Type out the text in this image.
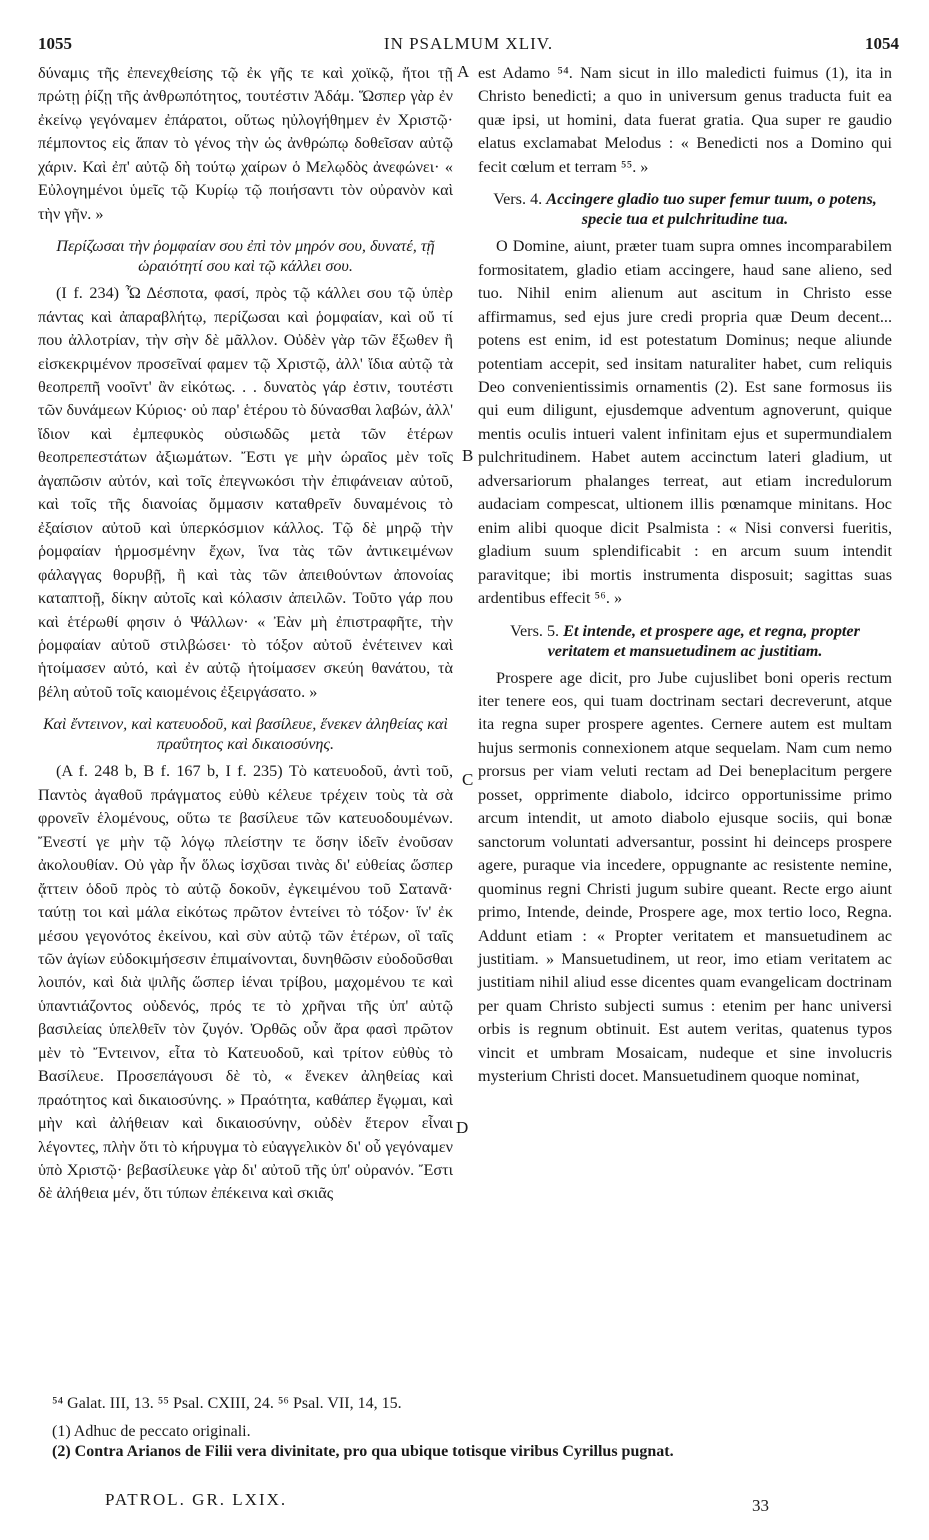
1055	IN PSALMUM XLIV.	1054

δύναμις τῆς ἐπενεχθείσης τῷ ἐκ γῆς τε καὶ χοϊκῷ, ἤτοι τῇ πρώτῃ ῥίζῃ τῆς ἀνθρωπότητος, τουτέστιν Ἀδάμ. Ὥσπερ γὰρ ἐν ἐκείνῳ γεγόναμεν ἐπάρατοι, οὕτως ηὐλογήθημεν ἐν Χριστῷ· πέμποντος εἰς ἅπαν τὸ γένος τὴν ὡς ἀνθρώπῳ δοθεῖσαν αὐτῷ χάριν. Καὶ ἐπ' αὐτῷ δὴ τούτῳ χαίρων ὁ Μελῳδὸς ἀνεφώνει· « Εὐλογημένοι ὑμεῖς τῷ Κυρίῳ τῷ ποιήσαντι τὸν οὐρανὸν καὶ τὴν γῆν. »

Περίζωσαι τὴν ῥομφαίαν σου ἐπὶ τὸν μηρόν σου, δυνατέ, τῇ ὡραιότητί σου καὶ τῷ κάλλει σου.

(I f. 234) Ὦ Δέσποτα, φασί, πρὸς τῷ κάλλει σου τῷ ὑπὲρ πάντας καὶ ἀπαραβλήτῳ, περίζωσαι καὶ ῥομφαίαν, καὶ οὔ τί που ἀλλοτρίαν, τὴν σὴν δὲ μᾶλλον. Οὐδὲν γὰρ τῶν ἔξωθεν ἢ εἰσκεκριμένον προσεῖναί φαμεν τῷ Χριστῷ, ἀλλ' ἴδια αὐτῷ τὰ θεοπρεπῆ νοοῖντ' ἂν εἰκότως. . . δυνατὸς γάρ ἐστιν, τουτέστι τῶν δυνάμεων Κύριος· οὐ παρ' ἑτέρου τὸ δύνασθαι λαβών, ἀλλ' ἴδιον καὶ ἐμπεφυκὸς οὐσιωδῶς μετὰ τῶν ἑτέρων θεοπρεπεστάτων ἀξιωμάτων. Ἔστι γε μὴν ὡραῖος μὲν τοῖς ἀγαπῶσιν αὐτόν, καὶ τοῖς ἐπεγνωκόσι τὴν ἐπιφάνειαν αὐτοῦ, καὶ τοῖς τῆς διανοίας ὄμμασιν καταθρεῖν δυναμένοις τὸ ἐξαίσιον αὐτοῦ καὶ ὑπερκόσμιον κάλλος. Τῷ δὲ μηρῷ τὴν ῥομφαίαν ἡρμοσμένην ἔχων, ἵνα τὰς τῶν ἀντικειμένων φάλαγγας θορυβῇ, ἢ καὶ τὰς τῶν ἀπειθούντων ἀπονοίας καταπτοῇ, δίκην αὐτοῖς καὶ κόλασιν ἀπειλῶν. Τοῦτο γάρ που καὶ ἑτέρωθί φησιν ὁ Ψάλλων· « Ἐὰν μὴ ἐπιστραφῆτε, τὴν ῥομφαίαν αὐτοῦ στιλβώσει· τὸ τόξον αὐτοῦ ἐνέτεινεν καὶ ἡτοίμασεν αὐτό, καὶ ἐν αὐτῷ ἡτοίμασεν σκεύη θανάτου, τὰ βέλη αὐτοῦ τοῖς καιομένοις ἐξειργάσατο. »

Καὶ ἔντεινον, καὶ κατευοδοῦ, καὶ βασίλευε, ἕνεκεν ἀληθείας καὶ πραΰτητος καὶ δικαιοσύνης.

(A f. 248 b, B f. 167 b, I f. 235) Τὸ κατευοδοῦ, ἀντὶ τοῦ, Παντὸς ἀγαθοῦ πράγματος εὐθὺ κέλευε τρέχειν τοὺς τὰ σὰ φρονεῖν ἑλομένους, οὕτω τε βασίλευε τῶν κατευοδουμένων. Ἔνεστί γε μὴν τῷ λόγῳ πλείστην τε ὅσην ἰδεῖν ἐνοῦσαν ἀκολουθίαν. Οὐ γὰρ ἦν ὅλως ἰσχῦσαι τινὰς δι' εὐθείας ὥσπερ ᾄττειν ὁδοῦ πρὸς τὸ αὐτῷ δοκοῦν, ἐγκειμένου τοῦ Σατανᾶ· ταύτῃ τοι καὶ μάλα εἰκότως πρῶτον ἐντείνει τὸ τόξον· ἵν' ἐκ μέσου γεγονότος ἐκείνου, καὶ σὺν αὐτῷ τῶν ἑτέρων, οἳ ταῖς τῶν ἁγίων εὐδοκιμήσεσιν ἐπιμαίνονται, δυνηθῶσιν εὐοδοῦσθαι λοιπόν, καὶ διὰ ψιλῆς ὥσπερ ἰέναι τρίβου, μαχομένου τε καὶ ὑπαντιάζοντος οὐδενός, πρός τε τὸ χρῆναι τῆς ὑπ' αὐτῷ βασιλείας ὑπελθεῖν τὸν ζυγόν. Ὀρθῶς οὖν ἄρα φασὶ πρῶτον μὲν τὸ Ἔντεινον, εἶτα τὸ Κατευοδοῦ, καὶ τρίτον εὐθὺς τὸ Βασίλευε. Προσεπάγουσι δὲ τὸ, « ἕνεκεν ἀληθείας καὶ πραότητος καὶ δικαιοσύνης. » Πραότητα, καθάπερ ἔγῳμαι, καὶ μὴν καὶ ἀλήθειαν καὶ δικαιοσύνην, οὐδὲν ἕτερον εἶναι λέγοντες, πλὴν ὅτι τὸ κήρυγμα τὸ εὐαγγελικὸν δι' οὗ γεγόναμεν ὑπὸ Χριστῷ· βεβασίλευκε γὰρ δι' αὐτοῦ τῆς ὑπ' οὐρανόν. Ἔστι δὲ ἀλήθεια μέν, ὅτι τύπων ἐπέκεινα καὶ σκιᾶς

est Adamo ⁵⁴. Nam sicut in illo maledicti fuimus (1), ita in Christo benedicti; a quo in universum genus traducta fuit ea quæ ipsi, ut homini, data fuerat gratia. Qua super re gaudio elatus exclamabat Melodus : « Benedicti nos a Domino qui fecit cœlum et terram ⁵⁵. »

Vers. 4. Accingere gladio tuo super femur tuum, o potens, specie tua et pulchritudine tua.

O Domine, aiunt, præter tuam supra omnes incomparabilem formositatem, gladio etiam accingere, haud sane alieno, sed tuo. Nihil enim alienum aut ascitum in Christo esse affirmamus, sed ejus jure credi propria quæ Deum decent... potens est enim, id est potestatum Dominus; neque aliunde potentiam accepit, sed insitam naturaliter habet, cum reliquis Deo convenientissimis ornamentis (2). Est sane formosus iis qui eum diligunt, ejusdemque adventum agnoverunt, quique mentis oculis intueri valent infinitam ejus et supermundialem pulchritudinem. Habet autem accinctum lateri gladium, ut adversariorum phalanges terreat, aut etiam incredulorum audaciam compescat, ultionem illis pœnamque minitans. Hoc enim alibi quoque dicit Psalmista : « Nisi conversi fueritis, gladium suum splendificabit : en arcum suum intendit paravitque; ibi mortis instrumenta disposuit; sagittas suas ardentibus effecit ⁵⁶. »

Vers. 5. Et intende, et prospere age, et regna, propter veritatem et mansuetudinem ac justitiam.

Prospere age dicit, pro Jube cujuslibet boni operis rectum iter tenere eos, qui tuam doctrinam sectari decreverunt, atque ita regna super prospere agentes. Cernere autem est multam hujus sermonis connexionem atque sequelam. Nam cum nemo prorsus per viam veluti rectam ad Dei beneplacitum pergere posset, opprimente diabolo, idcirco opportunissime primo arcum intendit, ut amoto diabolo ejusque sociis, qui bonæ sanctorum voluntati adversantur, possint hi deinceps prospere agere, puraque via incedere, oppugnante ac resistente nemine, quominus regni Christi jugum subire queant. Recte ergo aiunt primo, Intende, deinde, Prospere age, mox tertio loco, Regna. Addunt etiam : « Propter veritatem et mansuetudinem ac justitiam. » Mansuetudinem, ut reor, imo etiam veritatem ac justitiam nihil aliud esse dicentes quam evangelicam doctrinam per quam Christo subjecti sumus : etenim per hanc universi orbis is regnum obtinuit. Est autem veritas, quatenus typos vincit et umbram Mosaicam, nudeque et sine involucris mysterium Christi docet. Mansuetudinem quoque nominat,

A
B
C
D
⁵⁴ Galat. III, 13. ⁵⁵ Psal. CXIII, 24. ⁵⁶ Psal. VII, 14, 15.
(1) Adhuc de peccato originali.
(2) Contra Arianos de Filii vera divinitate, pro qua ubique totisque viribus Cyrillus pugnat.
PATROL. GR. LXIX.	33
